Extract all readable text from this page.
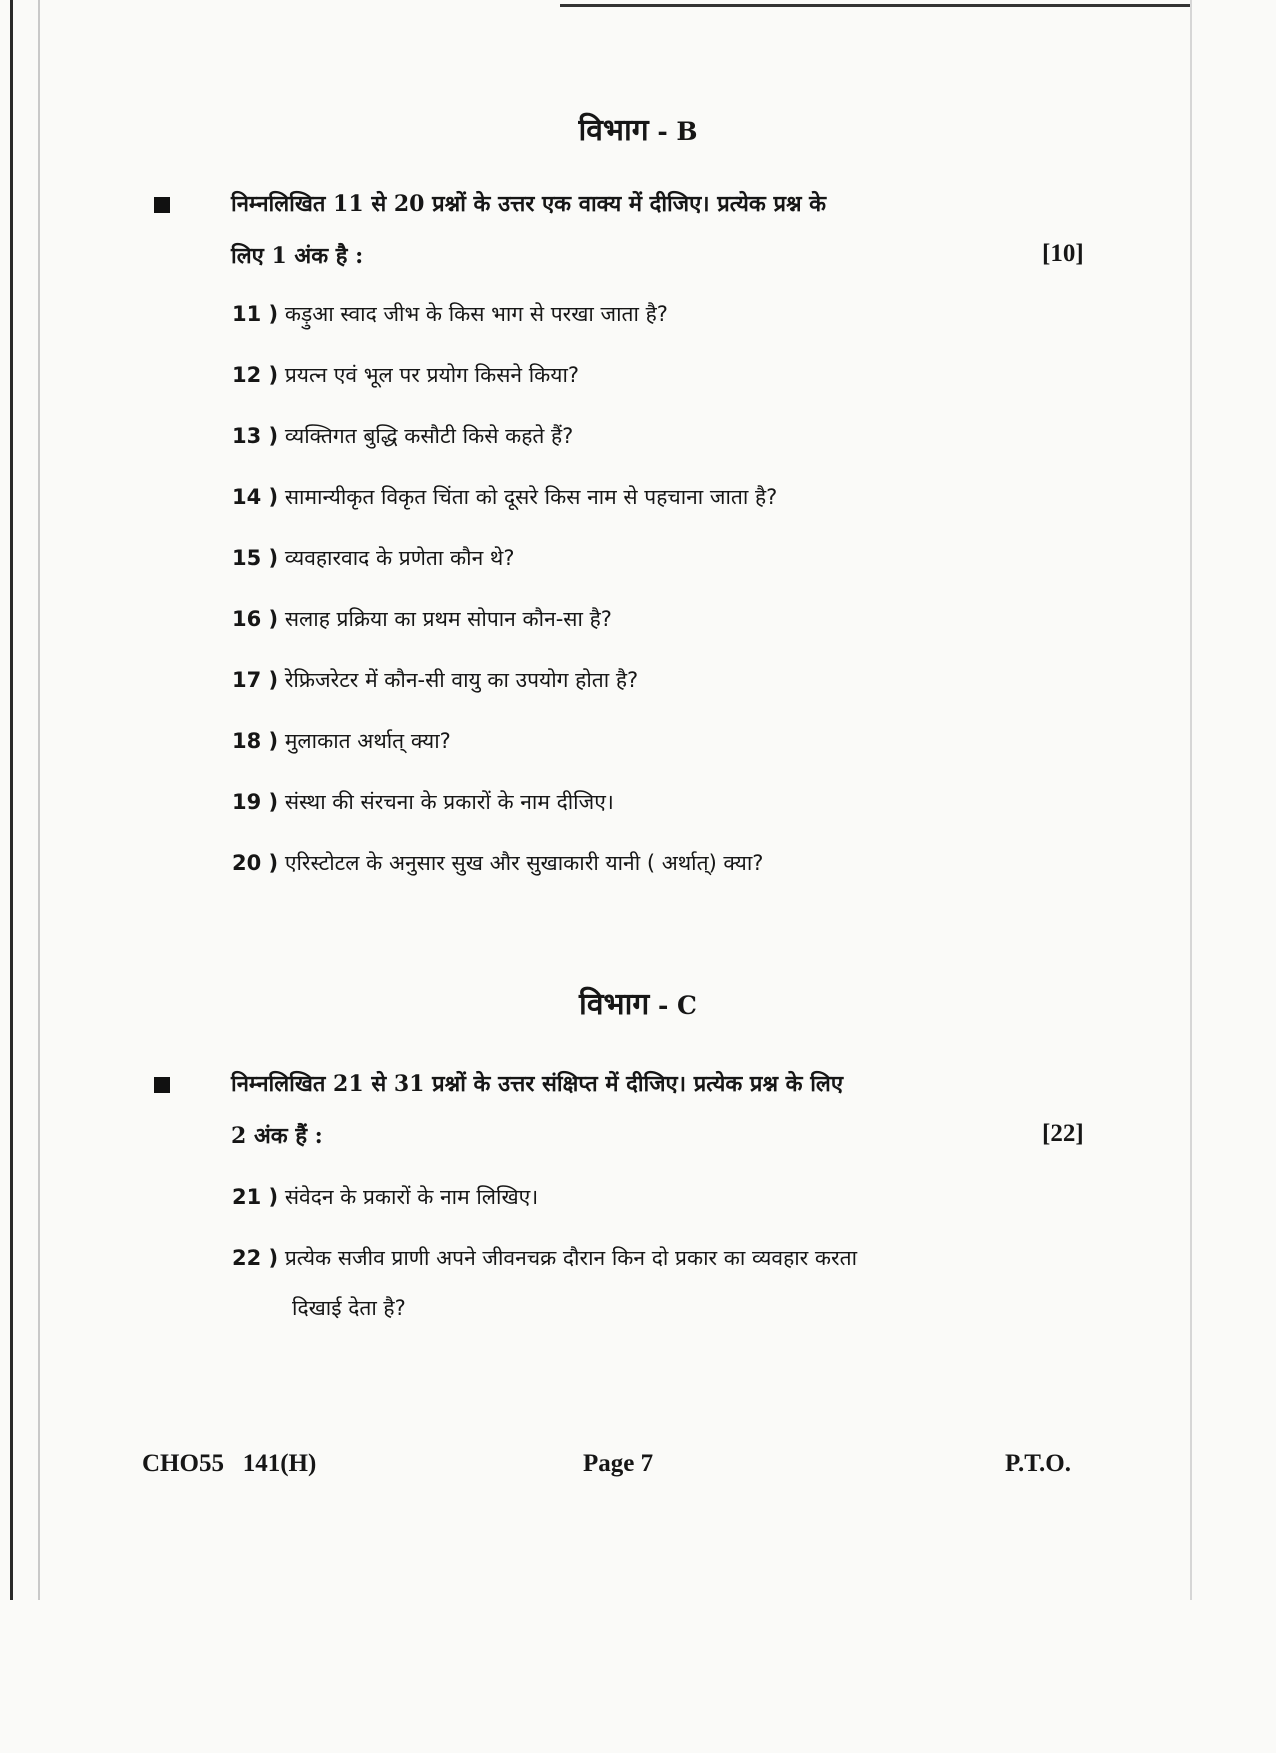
विभाग - B
निम्नलिखित 11 से 20 प्रश्नों के उत्तर एक वाक्य में दीजिए। प्रत्येक प्रश्न के
लिए 1 अंक है :	[10]
11 ) कड़ुआ स्वाद जीभ के किस भाग से परखा जाता है?
12 ) प्रयत्न एवं भूल पर प्रयोग किसने किया?
13 ) व्यक्तिगत बुद्धि कसौटी किसे कहते हैं?
14 ) सामान्यीकृत विकृत चिंता को दूसरे किस नाम से पहचाना जाता है?
15 ) व्यवहारवाद के प्रणेता कौन थे?
16 ) सलाह प्रक्रिया का प्रथम सोपान कौन-सा है?
17 ) रेफ्रिजरेटर में कौन-सी वायु का उपयोग होता है?
18 ) मुलाकात अर्थात् क्या?
19 ) संस्था की संरचना के प्रकारों के नाम दीजिए।
20 ) एरिस्टोटल के अनुसार सुख और सुखाकारी यानी ( अर्थात्) क्या?
विभाग - C
निम्नलिखित 21 से 31 प्रश्नों के उत्तर संक्षिप्त में दीजिए। प्रत्येक प्रश्न के लिए
2 अंक हैं :	[22]
21 ) संवेदन के प्रकारों के नाम लिखिए।
22 ) प्रत्येक सजीव प्राणी अपने जीवनचक्र दौरान किन दो प्रकार का व्यवहार करता
दिखाई देता है?
CHO55   141(H)	Page 7	P.T.O.
